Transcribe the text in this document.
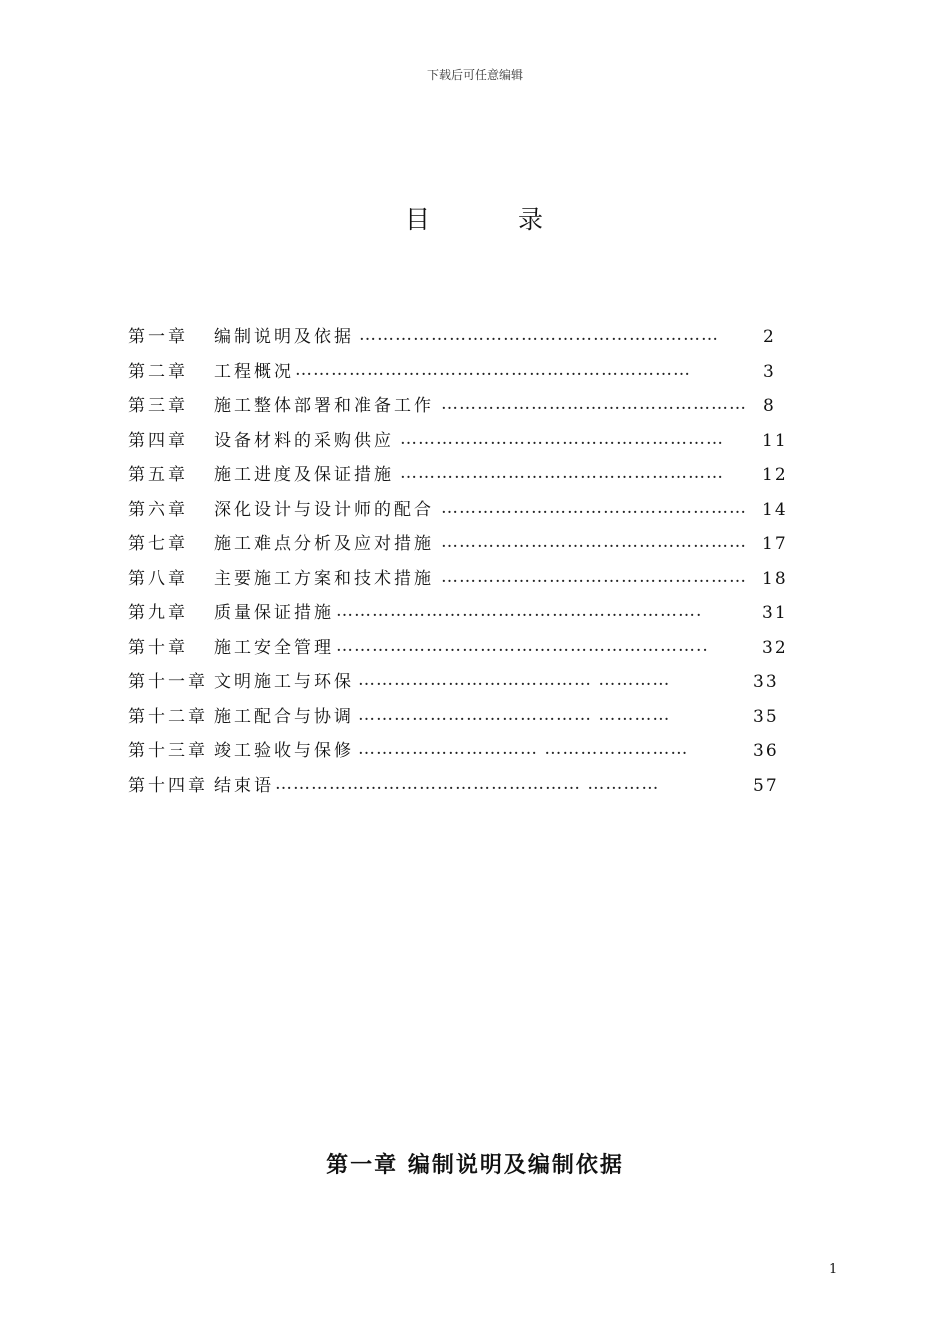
下载后可任意编辑
目	录
第一章 编制说明及依据 ……………………………………………………	2
第二章 工程概况 …………………………………………………………	3
第三章 施工整体部署和准备工作 …………………………………………… 8
第四章 设备材料的采购供应 ………………………………………………	11
第五章 施工进度及保证措施 ………………………………………………	12
第六章 深化设计与设计师的配合 …………………………………………… 14
第七章 施工难点分析及应对措施 …………………………………………… 17
第八章 主要施工方案和技术措施 …………………………………………… 18
第九章 质量保证措施 …………………………………………………….	31
第十章 施工安全管理 ……………………………………………………..	32
第十一章 文明施工与环保 ………………………………… …………	33
第十二章 施工配合与协调 ………………………………… …………	35
第十三章 竣工验收与保修 ………………………… ……………………	36
第十四章 结束语 …………………………………………… …………	57
第一章 编制说明及编制依据
1
